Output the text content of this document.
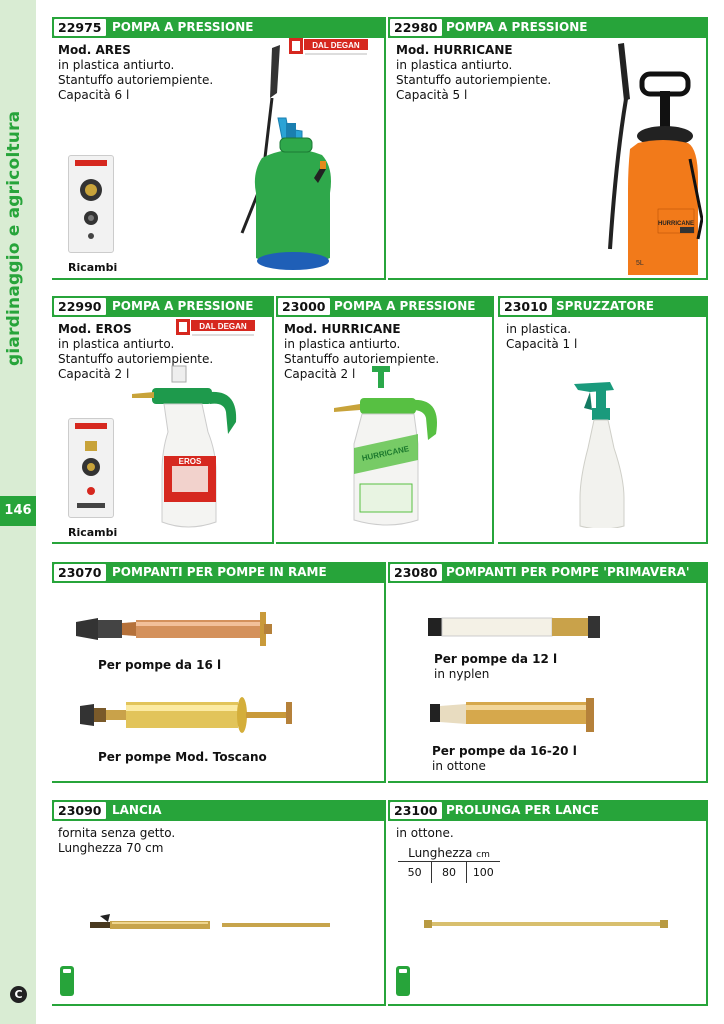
giardinaggio e agricoltura
146
C
22975 POMPA A PRESSIONE
Mod. ARES
in plastica antiurto.
Stantuffo autoriempiente.
Capacità 6 l
DAL DEGAN
Ricambi
22980 POMPA A PRESSIONE
Mod. HURRICANE
in plastica antiurto.
Stantuffo autoriempiente.
Capacità 5 l
HURRICANE
5L
22990 POMPA A PRESSIONE
Mod. EROS
in plastica antiurto.
Stantuffo autoriempiente.
Capacità 2 l
DAL DEGAN
Ricambi
EROS
23000 POMPA A PRESSIONE
Mod. HURRICANE
in plastica antiurto.
Stantuffo autoriempiente.
Capacità 2 l
HURRICANE
23010 SPRUZZATORE
in plastica.
Capacità 1 l
23070 POMPANTI PER POMPE IN RAME
Per pompe da 16 l
Per pompe Mod. Toscano
23080 POMPANTI PER POMPE 'PRIMAVERA'
Per pompe da 12 l
in nyplen
Per pompe da 16-20 l
in ottone
23090 LANCIA
fornita senza getto.
Lunghezza 70 cm
23100 PROLUNGA PER LANCE
in ottone.
Lunghezza cm
50	80	100
